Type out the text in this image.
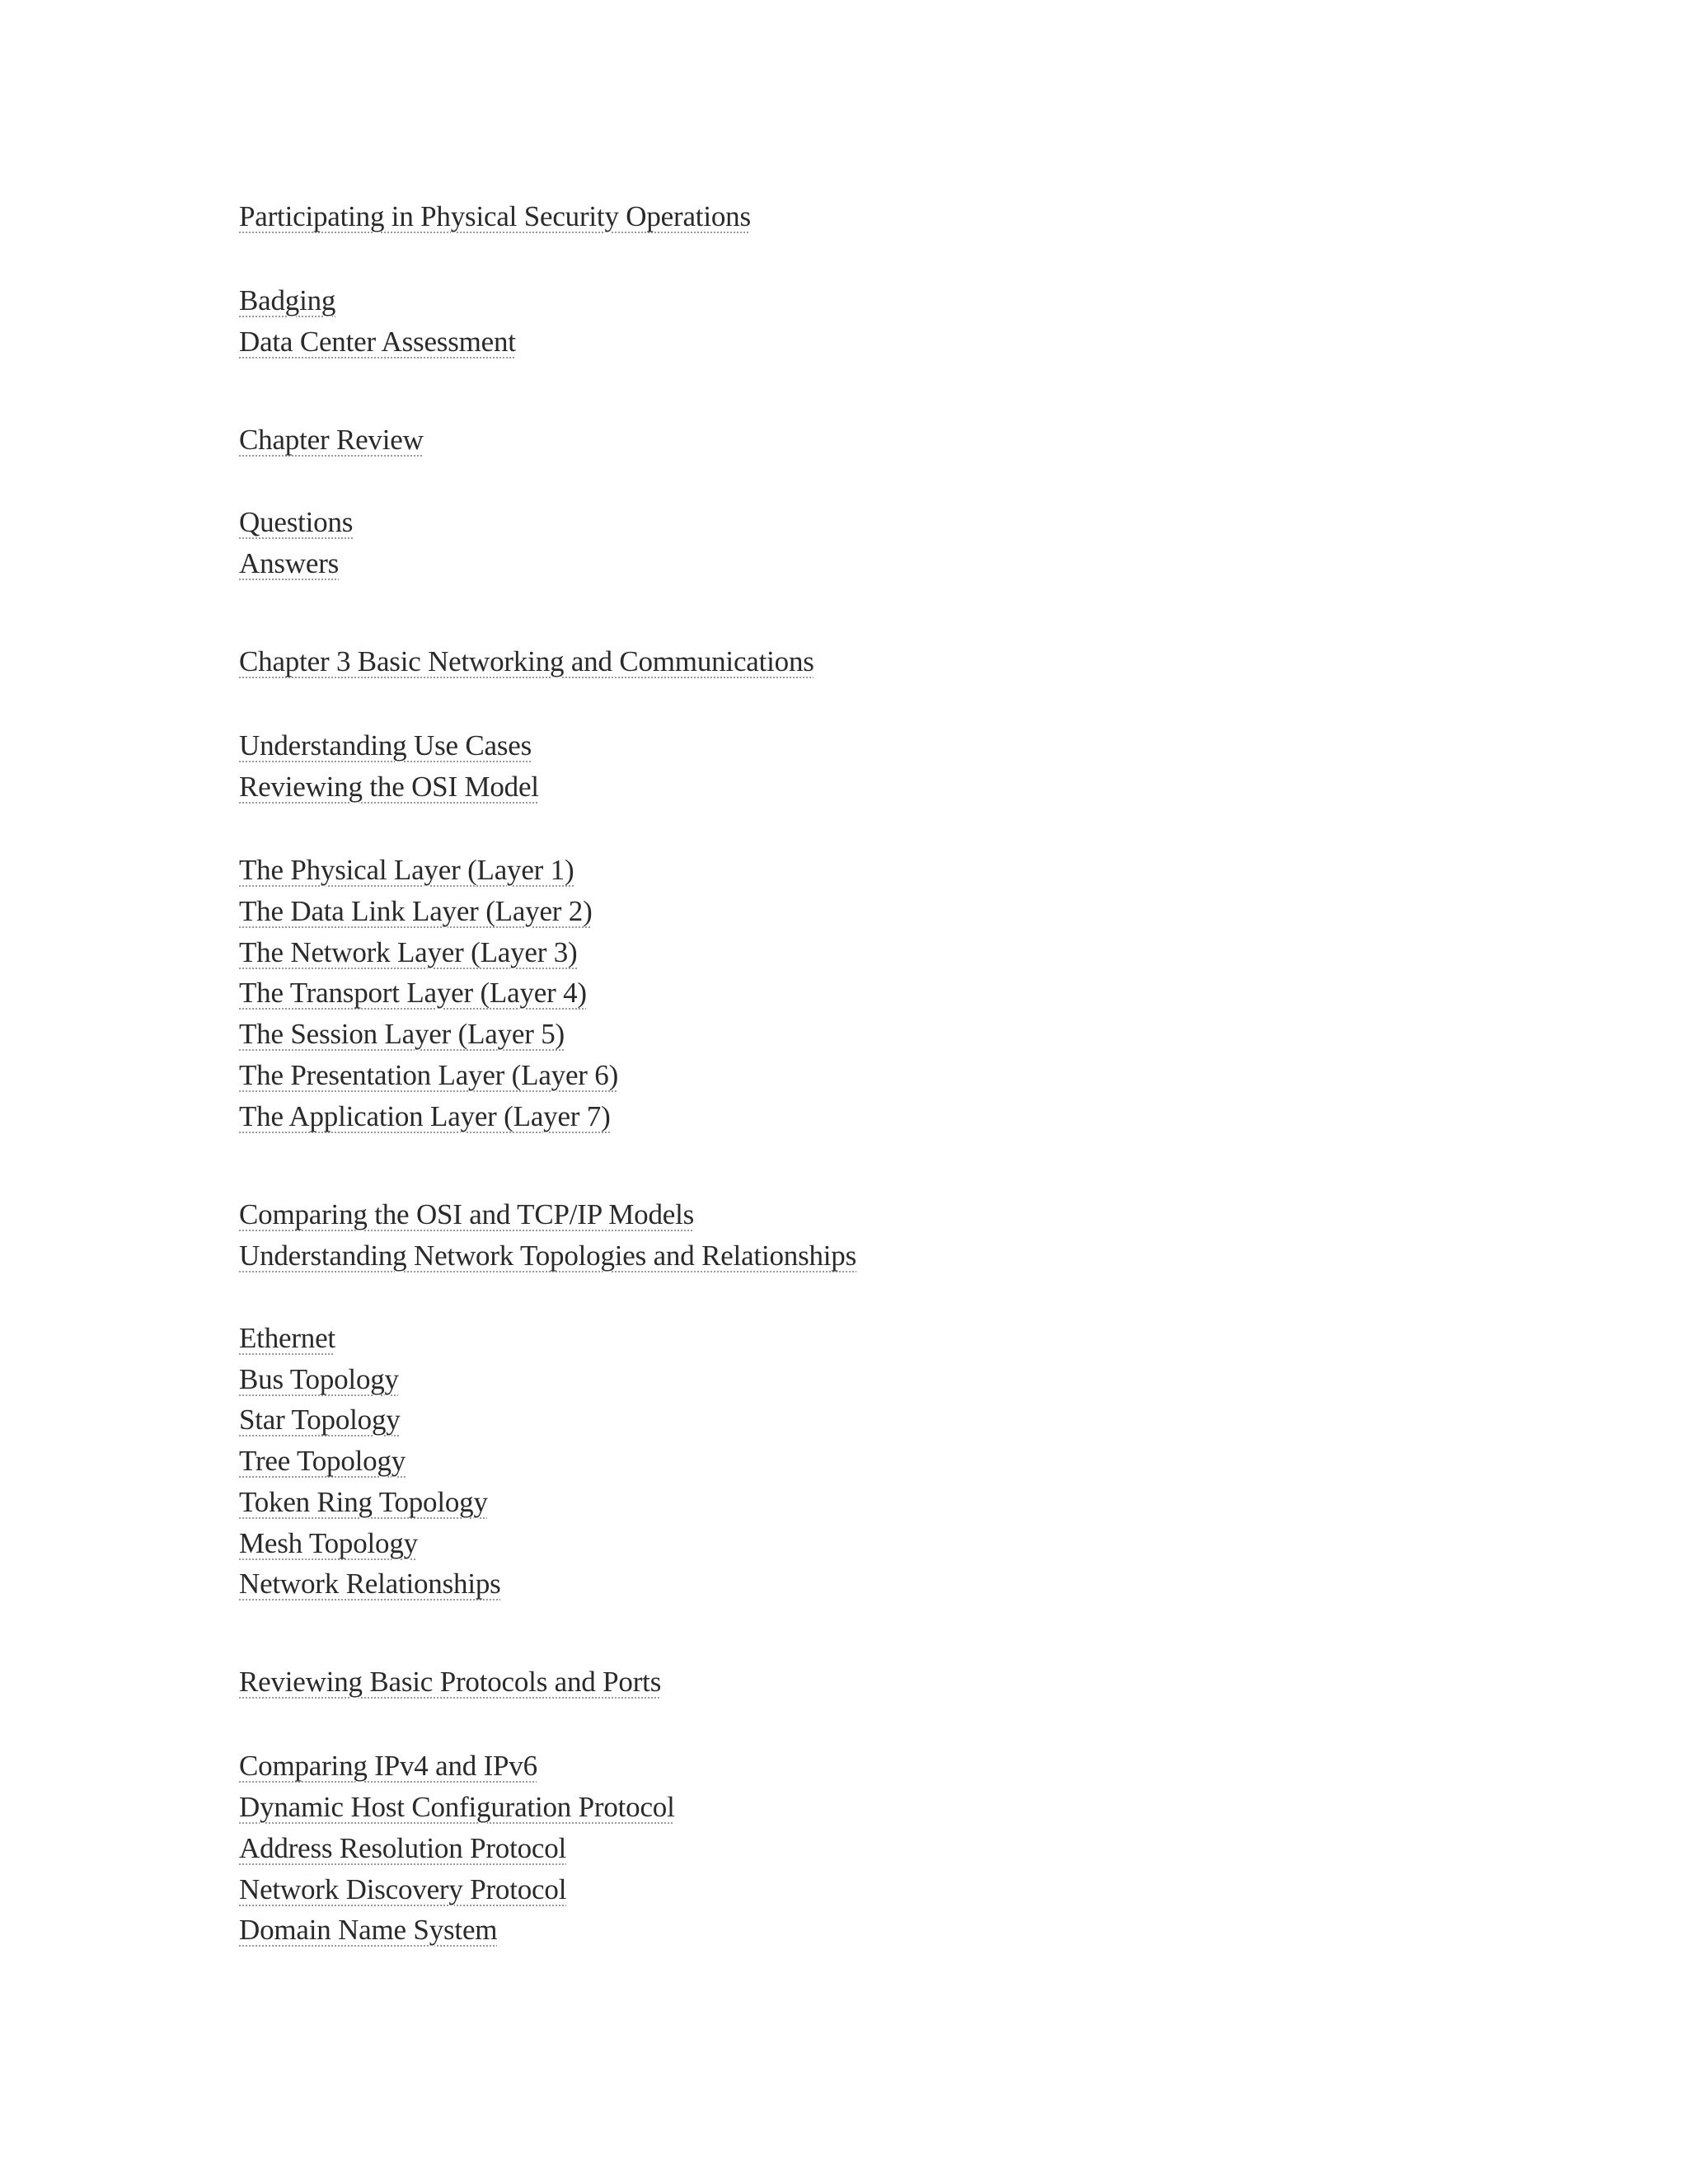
Participating in Physical Security Operations
Badging
Data Center Assessment
Chapter Review
Questions
Answers
Chapter 3 Basic Networking and Communications
Understanding Use Cases
Reviewing the OSI Model
The Physical Layer (Layer 1)
The Data Link Layer (Layer 2)
The Network Layer (Layer 3)
The Transport Layer (Layer 4)
The Session Layer (Layer 5)
The Presentation Layer (Layer 6)
The Application Layer (Layer 7)
Comparing the OSI and TCP/IP Models
Understanding Network Topologies and Relationships
Ethernet
Bus Topology
Star Topology
Tree Topology
Token Ring Topology
Mesh Topology
Network Relationships
Reviewing Basic Protocols and Ports
Comparing IPv4 and IPv6
Dynamic Host Configuration Protocol
Address Resolution Protocol
Network Discovery Protocol
Domain Name System
